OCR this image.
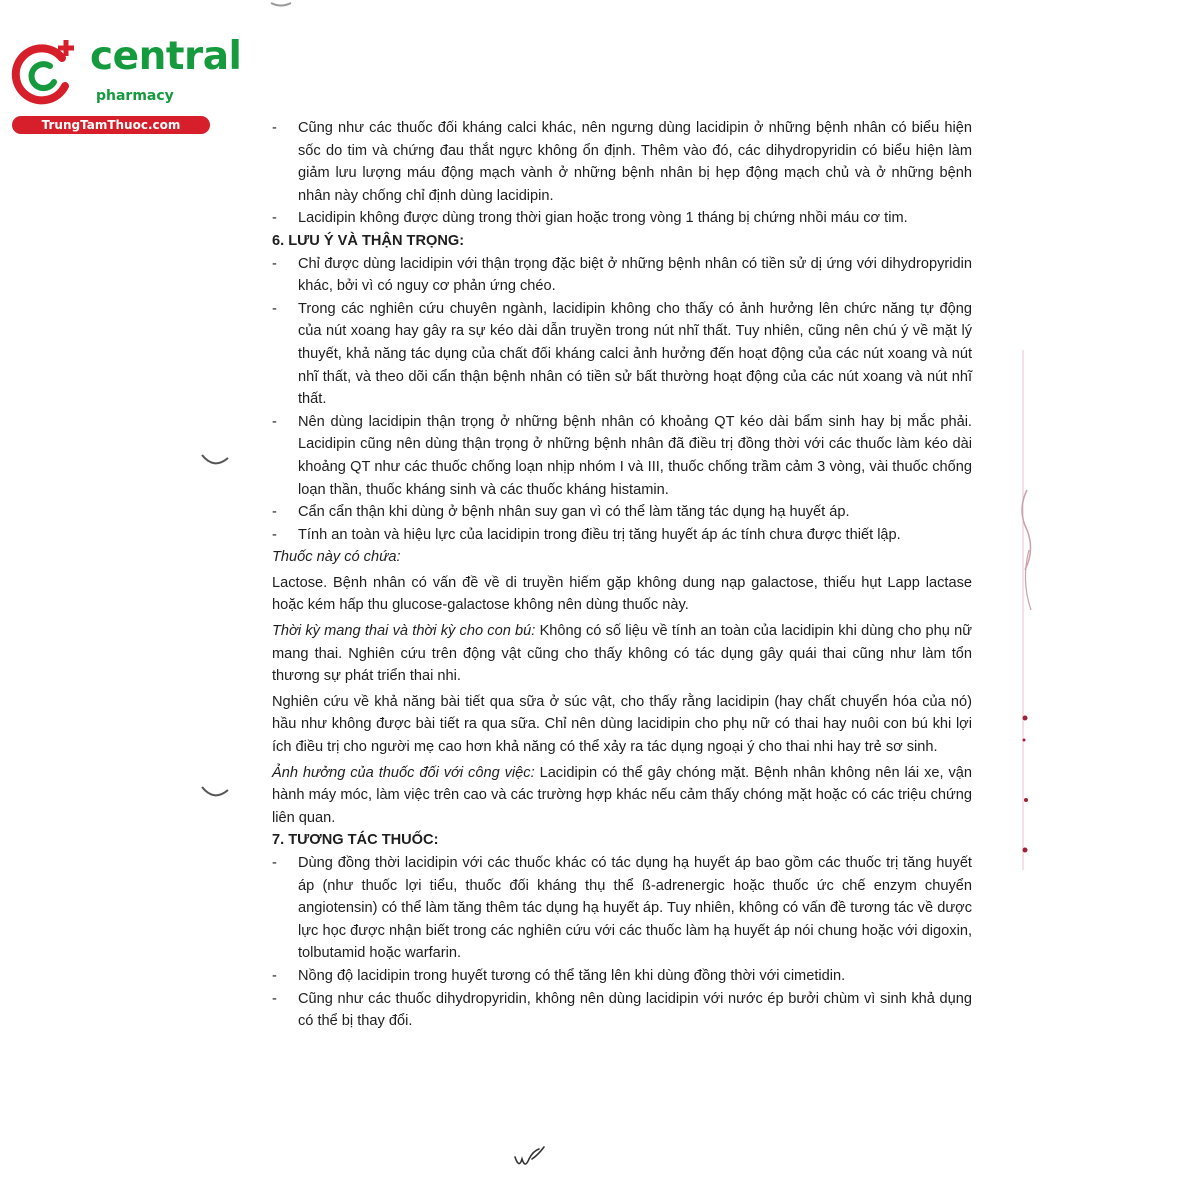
central
pharmacy
TrungTamThuoc.com	- Cũng như các thuốc đối kháng calci khác, nên ngưng dùng lacidipin ở những bệnh nhân có biểu hiện sốc do tim và chứng đau thắt ngực không ổn định. Thêm vào đó, các dihydropyridin có biểu hiện làm giảm lưu lượng máu động mạch vành ở những bệnh nhân bị hẹp động mạch chủ và ở những bệnh nhân này chống chỉ định dùng lacidipin.
- Lacidipin không được dùng trong thời gian hoặc trong vòng 1 tháng bị chứng nhồi máu cơ tim.
6. LƯU Ý VÀ THẬN TRỌNG:
- Chỉ được dùng lacidipin với thận trọng đặc biệt ở những bệnh nhân có tiền sử dị ứng với dihydropyridin khác, bởi vì có nguy cơ phản ứng chéo.
- Trong các nghiên cứu chuyên ngành, lacidipin không cho thấy có ảnh hưởng lên chức năng tự động của nút xoang hay gây ra sự kéo dài dẫn truyền trong nút nhĩ thất. Tuy nhiên, cũng nên chú ý về mặt lý thuyết, khả năng tác dụng của chất đối kháng calci ảnh hưởng đến hoạt động của các nút xoang và nút nhĩ thất, và theo dõi cẩn thận bệnh nhân có tiền sử bất thường hoạt động của các nút xoang và nút nhĩ thất.
- Nên dùng lacidipin thận trọng ở những bệnh nhân có khoảng QT kéo dài bẩm sinh hay bị mắc phải. Lacidipin cũng nên dùng thận trọng ở những bệnh nhân đã điều trị đồng thời với các thuốc làm kéo dài khoảng QT như các thuốc chống loạn nhịp nhóm I và III, thuốc chống trầm cảm 3 vòng, vài thuốc chống loạn thần, thuốc kháng sinh và các thuốc kháng histamin.
- Cẩn cẩn thận khi dùng ở bệnh nhân suy gan vì có thể làm tăng tác dụng hạ huyết áp.
- Tính an toàn và hiệu lực của lacidipin trong điều trị tăng huyết áp ác tính chưa được thiết lập.
Thuốc này có chứa:
Lactose. Bệnh nhân có vấn đề về di truyền hiếm gặp không dung nạp galactose, thiếu hụt Lapp lactase hoặc kém hấp thu glucose-galactose không nên dùng thuốc này.
Thời kỳ mang thai và thời kỳ cho con bú: Không có số liệu về tính an toàn của lacidipin khi dùng cho phụ nữ mang thai. Nghiên cứu trên động vật cũng cho thấy không có tác dụng gây quái thai cũng như làm tổn thương sự phát triển thai nhi.
Nghiên cứu về khả năng bài tiết qua sữa ở súc vật, cho thấy rằng lacidipin (hay chất chuyển hóa của nó) hầu như không được bài tiết ra qua sữa. Chỉ nên dùng lacidipin cho phụ nữ có thai hay nuôi con bú khi lợi ích điều trị cho người mẹ cao hơn khả năng có thể xảy ra tác dụng ngoại ý cho thai nhi hay trẻ sơ sinh.
Ảnh hưởng của thuốc đối với công việc: Lacidipin có thể gây chóng mặt. Bệnh nhân không nên lái xe, vận hành máy móc, làm việc trên cao và các trường hợp khác nếu cảm thấy chóng mặt hoặc có các triệu chứng liên quan.
7. TƯƠNG TÁC THUỐC:
- Dùng đồng thời lacidipin với các thuốc khác có tác dụng hạ huyết áp bao gồm các thuốc trị tăng huyết áp (như thuốc lợi tiểu, thuốc đối kháng thụ thể ß-adrenergic hoặc thuốc ức chế enzym chuyển angiotensin) có thể làm tăng thêm tác dụng hạ huyết áp. Tuy nhiên, không có vấn đề tương tác về dược lực học được nhận biết trong các nghiên cứu với các thuốc làm hạ huyết áp nói chung hoặc với digoxin, tolbutamid hoặc warfarin.
- Nồng độ lacidipin trong huyết tương có thể tăng lên khi dùng đồng thời với cimetidin.
- Cũng như các thuốc dihydropyridin, không nên dùng lacidipin với nước ép bưởi chùm vì sinh khả dụng có thể bị thay đổi.
